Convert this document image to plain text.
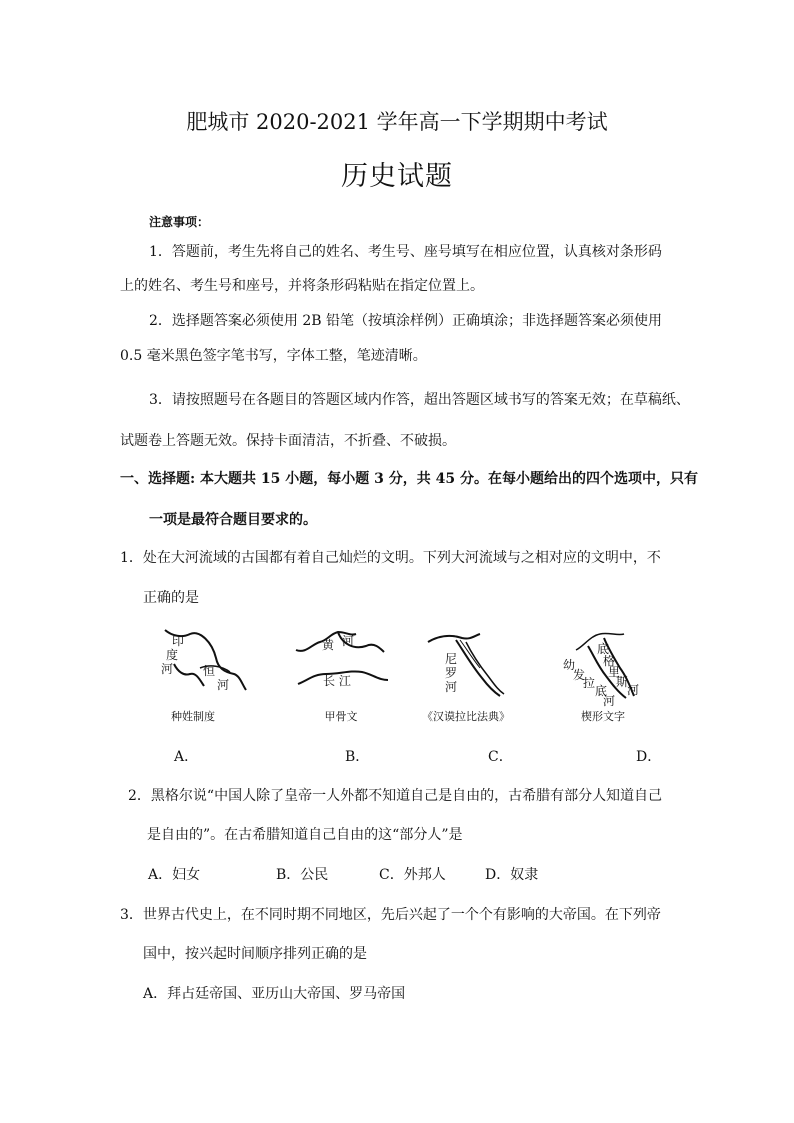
肥城市 2020-2021 学年高一下学期期中考试
历史试题
注意事项：
1．答题前，考生先将自己的姓名、考生号、座号填写在相应位置，认真核对条形码
上的姓名、考生号和座号，并将条形码粘贴在指定位置上。
2．选择题答案必须使用 2B 铅笔（按填涂样例）正确填涂；非选择题答案必须使用
0.5 毫米黑色签字笔书写，字体工整，笔迹清晰。
3．请按照题号在各题目的答题区域内作答，超出答题区域书写的答案无效；在草稿纸、
试题卷上答题无效。保持卡面清洁，不折叠、不破损。
一、选择题: 本大题共 15 小题，每小题 3 分，共 45 分。在每小题给出的四个选项中，只有
一项是最符合题目要求的。
1．处在大河流域的古国都有着自己灿烂的文明。下列大河流域与之相对应的文明中，不
正确的是
印
度
河 恒
河
种姓制度
黄 河
长 江
甲骨文
尼
罗
河
《汉谟拉比法典》
幼
发
拉
底
河
底
格
里
斯
河
楔形文字
A．	B．	C．	D．
2．黑格尔说“中国人除了皇帝一人外都不知道自己是自由的，古希腊有部分人知道自己
是自由的”。在古希腊知道自己自由的这“部分人”是
A．妇女	B．公民	C．外邦人	D．奴隶
3．世界古代史上，在不同时期不同地区，先后兴起了一个个有影响的大帝国。在下列帝
国中，按兴起时间顺序排列正确的是
A．拜占廷帝国、亚历山大帝国、罗马帝国
